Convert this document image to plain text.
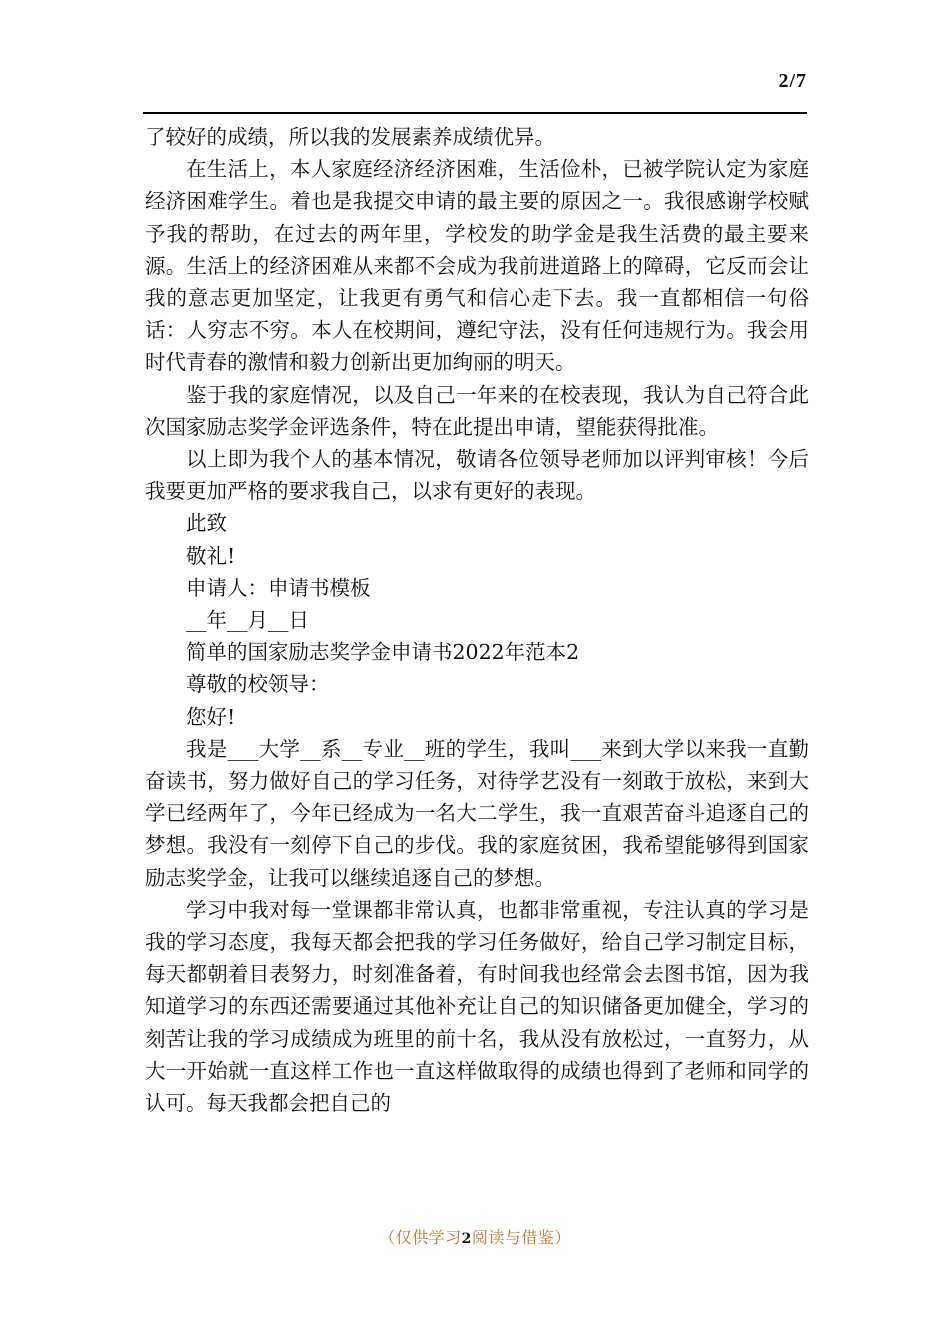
2/7

了较好的成绩，所以我的发展素养成绩优异。

在生活上，本人家庭经济经济困难，生活俭朴，已被学院认定为家庭经济困难学生。着也是我提交申请的最主要的原因之一。我很感谢学校赋予我的帮助，在过去的两年里，学校发的助学金是我生活费的最主要来源。生活上的经济困难从来都不会成为我前进道路上的障碍，它反而会让我的意志更加坚定，让我更有勇气和信心走下去。我一直都相信一句俗话：人穷志不穷。本人在校期间，遵纪守法，没有任何违规行为。我会用时代青春的激情和毅力创新出更加绚丽的明天。

鉴于我的家庭情况，以及自己一年来的在校表现，我认为自己符合此次国家励志奖学金评选条件，特在此提出申请，望能获得批准。

以上即为我个人的基本情况，敬请各位领导老师加以评判审核！今后我要更加严格的要求我自己，以求有更好的表现。

此致

敬礼!

申请人：申请书模板

__年__月__日

简单的国家励志奖学金申请书2022年范本2

尊敬的校领导：

您好!

我是___大学__系__专业__班的学生，我叫___来到大学以来我一直勤奋读书，努力做好自己的学习任务，对待学艺没有一刻敢于放松，来到大学已经两年了，今年已经成为一名大二学生，我一直艰苦奋斗追逐自己的梦想。我没有一刻停下自己的步伐。我的家庭贫困，我希望能够得到国家励志奖学金，让我可以继续追逐自己的梦想。

学习中我对每一堂课都非常认真，也都非常重视，专注认真的学习是我的学习态度，我每天都会把我的学习任务做好，给自己学习制定目标，每天都朝着目表努力，时刻准备着，有时间我也经常会去图书馆，因为我知道学习的东西还需要通过其他补充让自己的知识储备更加健全，学习的刻苦让我的学习成绩成为班里的前十名，我从没有放松过，一直努力，从大一开始就一直这样工作也一直这样做取得的成绩也得到了老师和同学的认可。每天我都会把自己的

（仅供学习2阅读与借鉴）
